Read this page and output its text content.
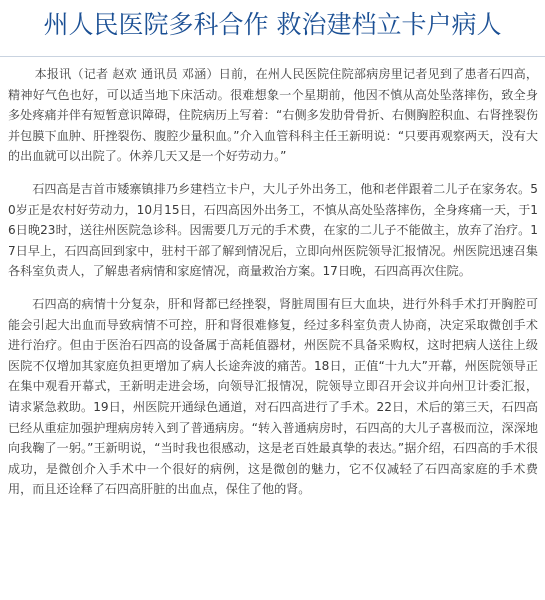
州人民医院多科合作 救治建档立卡户病人

本报讯（记者 赵欢 通讯员 邓涵）日前，在州人民医院住院部病房里记者见到了患者石四高，精神好气色也好，可以适当地下床活动。很难想象一个星期前，他因不慎从高处坠落摔伤，致全身多处疼痛并伴有短暂意识障碍，住院病历上写着：“右侧多发肋骨骨折、右侧胸腔积血、右肾挫裂伤并包膜下血肿、肝挫裂伤、腹腔少量积血。”介入血管科科主任王新明说：“只要再观察两天，没有大的出血就可以出院了。休养几天又是一个好劳动力。”

石四高是吉首市矮寨镇排乃乡建档立卡户，大儿子外出务工，他和老伴跟着二儿子在家务农。50岁正是农村好劳动力，10月15日，石四高因外出务工，不慎从高处坠落摔伤，全身疼痛一天，于16日晚23时，送往州医院急诊科。因需要几万元的手术费，在家的二儿子不能做主，放弃了治疗。17日早上，石四高回到家中，驻村干部了解到情况后，立即向州医院领导汇报情况。州医院迅速召集各科室负责人，了解患者病情和家庭情况，商量救治方案。17日晚，石四高再次住院。

石四高的病情十分复杂，肝和肾都已经挫裂，肾脏周围有巨大血块，进行外科手术打开胸腔可能会引起大出血而导致病情不可控，肝和肾很难修复，经过多科室负责人协商，决定采取微创手术进行治疗。但由于医治石四高的设备属于高耗值器材，州医院不具备采购权，这时把病人送往上级医院不仅增加其家庭负担更增加了病人长途奔波的痛苦。18日，正值“十九大”开幕，州医院领导正在集中观看开幕式，王新明走进会场，向领导汇报情况，院领导立即召开会议并向州卫计委汇报，请求紧急救助。19日，州医院开通绿色通道，对石四高进行了手术。22日，术后的第三天，石四高已经从重症加强护理病房转入到了普通病房。“转入普通病房时，石四高的大儿子喜极而泣，深深地向我鞠了一躬。”王新明说，“当时我也很感动，这是老百姓最真挚的表达。”据介绍，石四高的手术很成功，是微创介入手术中一个很好的病例，这是微创的魅力，它不仅减轻了石四高家庭的手术费用，而且还诠释了石四高肝脏的出血点，保住了他的肾。
